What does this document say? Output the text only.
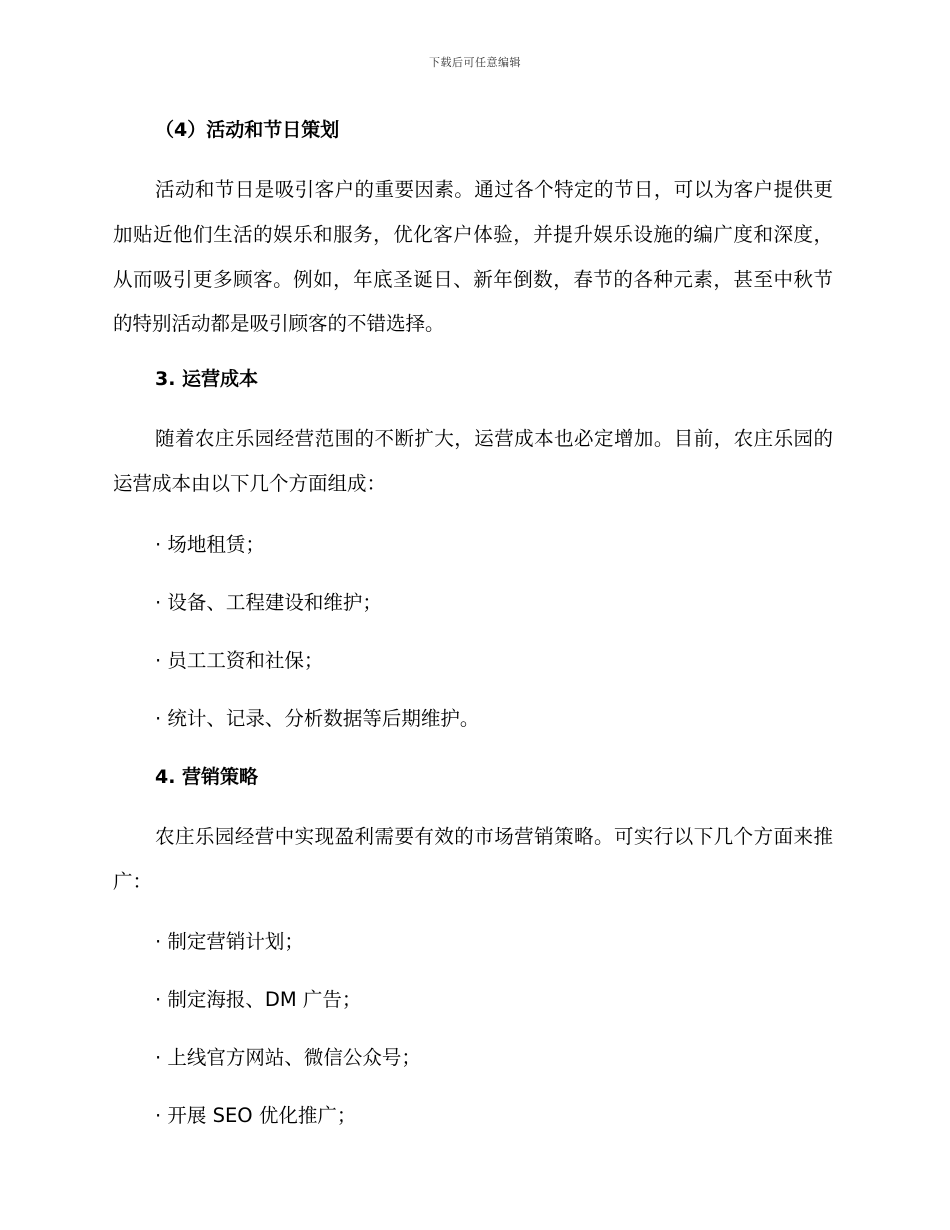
下载后可任意编辑
（4）活动和节日策划

活动和节日是吸引客户的重要因素。通过各个特定的节日，可以为客户提供更加贴近他们生活的娱乐和服务，优化客户体验，并提升娱乐设施的编广度和深度，从而吸引更多顾客。例如，年底圣诞日、新年倒数，春节的各种元素，甚至中秋节的特别活动都是吸引顾客的不错选择。

3. 运营成本

随着农庄乐园经营范围的不断扩大，运营成本也必定增加。目前，农庄乐园的运营成本由以下几个方面组成：

· 场地租赁；
· 设备、工程建设和维护；
· 员工工资和社保；
· 统计、记录、分析数据等后期维护。
4. 营销策略

农庄乐园经营中实现盈利需要有效的市场营销策略。可实行以下几个方面来推广：

· 制定营销计划；
· 制定海报、DM 广告；
· 上线官方网站、微信公众号；
· 开展 SEO 优化推广；
